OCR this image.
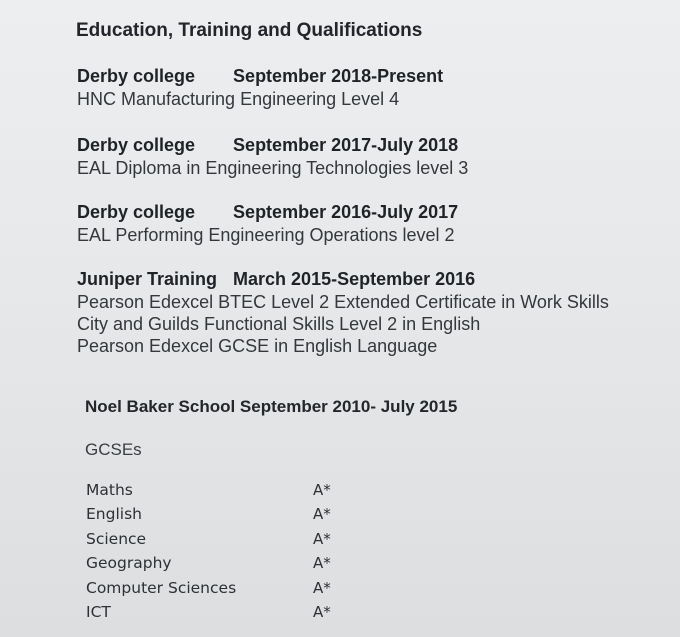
Education, Training and Qualifications
Derby college September 2018-Present
HNC Manufacturing Engineering Level 4
Derby college September 2017-July 2018
EAL Diploma in Engineering Technologies level 3
Derby college September 2016-July 2017
EAL Performing Engineering Operations level 2
Juniper Training March 2015-September 2016
Pearson Edexcel BTEC Level 2 Extended Certificate in Work Skills
City and Guilds Functional Skills Level 2 in English
Pearson Edexcel GCSE in English Language
Noel Baker School September 2010- July 2015
GCSEs
Maths	A*
English	A*
Science	A*
Geography	A*
Computer Sciences	A*
ICT	A*
